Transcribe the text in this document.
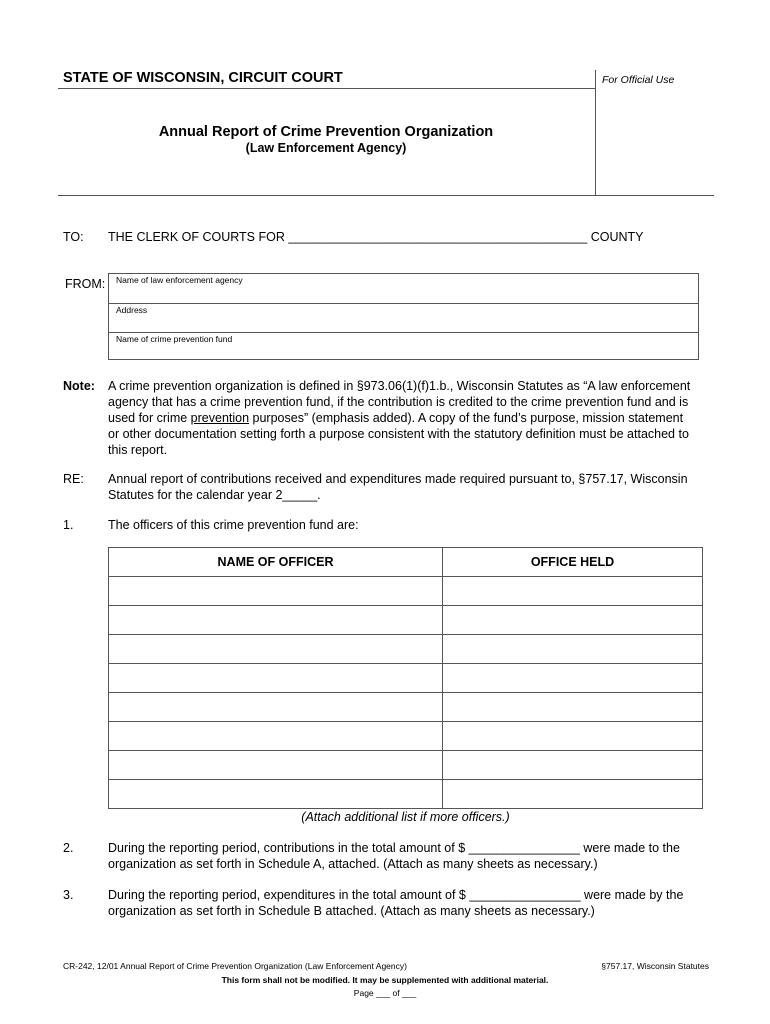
STATE OF WISCONSIN, CIRCUIT COURT	For Official Use
Annual Report of Crime Prevention Organization
(Law Enforcement Agency)
TO: THE CLERK OF COURTS FOR ___________________________________________ COUNTY
FROM:	Name of law enforcement agency
Address
Name of crime prevention fund
Note: A crime prevention organization is defined in §973.06(1)(f)1.b., Wisconsin Statutes as “A law enforcement
agency that has a crime prevention fund, if the contribution is credited to the crime prevention fund and is
used for crime prevention purposes” (emphasis added). A copy of the fund’s purpose, mission statement
or other documentation setting forth a purpose consistent with the statutory definition must be attached to
this report.
RE: Annual report of contributions received and expenditures made required pursuant to, §757.17, Wisconsin
Statutes for the calendar year 2_____.
1.	The officers of this crime prevention fund are:
NAME OF OFFICER	OFFICE HELD

(Attach additional list if more officers.)
2.	During the reporting period, contributions in the total amount of $ ________________ were made to the
organization as set forth in Schedule A, attached. (Attach as many sheets as necessary.)
3.	During the reporting period, expenditures in the total amount of $ ________________ were made by the
organization as set forth in Schedule B attached. (Attach as many sheets as necessary.)
CR-242, 12/01 Annual Report of Crime Prevention Organization (Law Enforcement Agency)	§757.17, Wisconsin Statutes
This form shall not be modified. It may be supplemented with additional material.
Page ___ of ___
